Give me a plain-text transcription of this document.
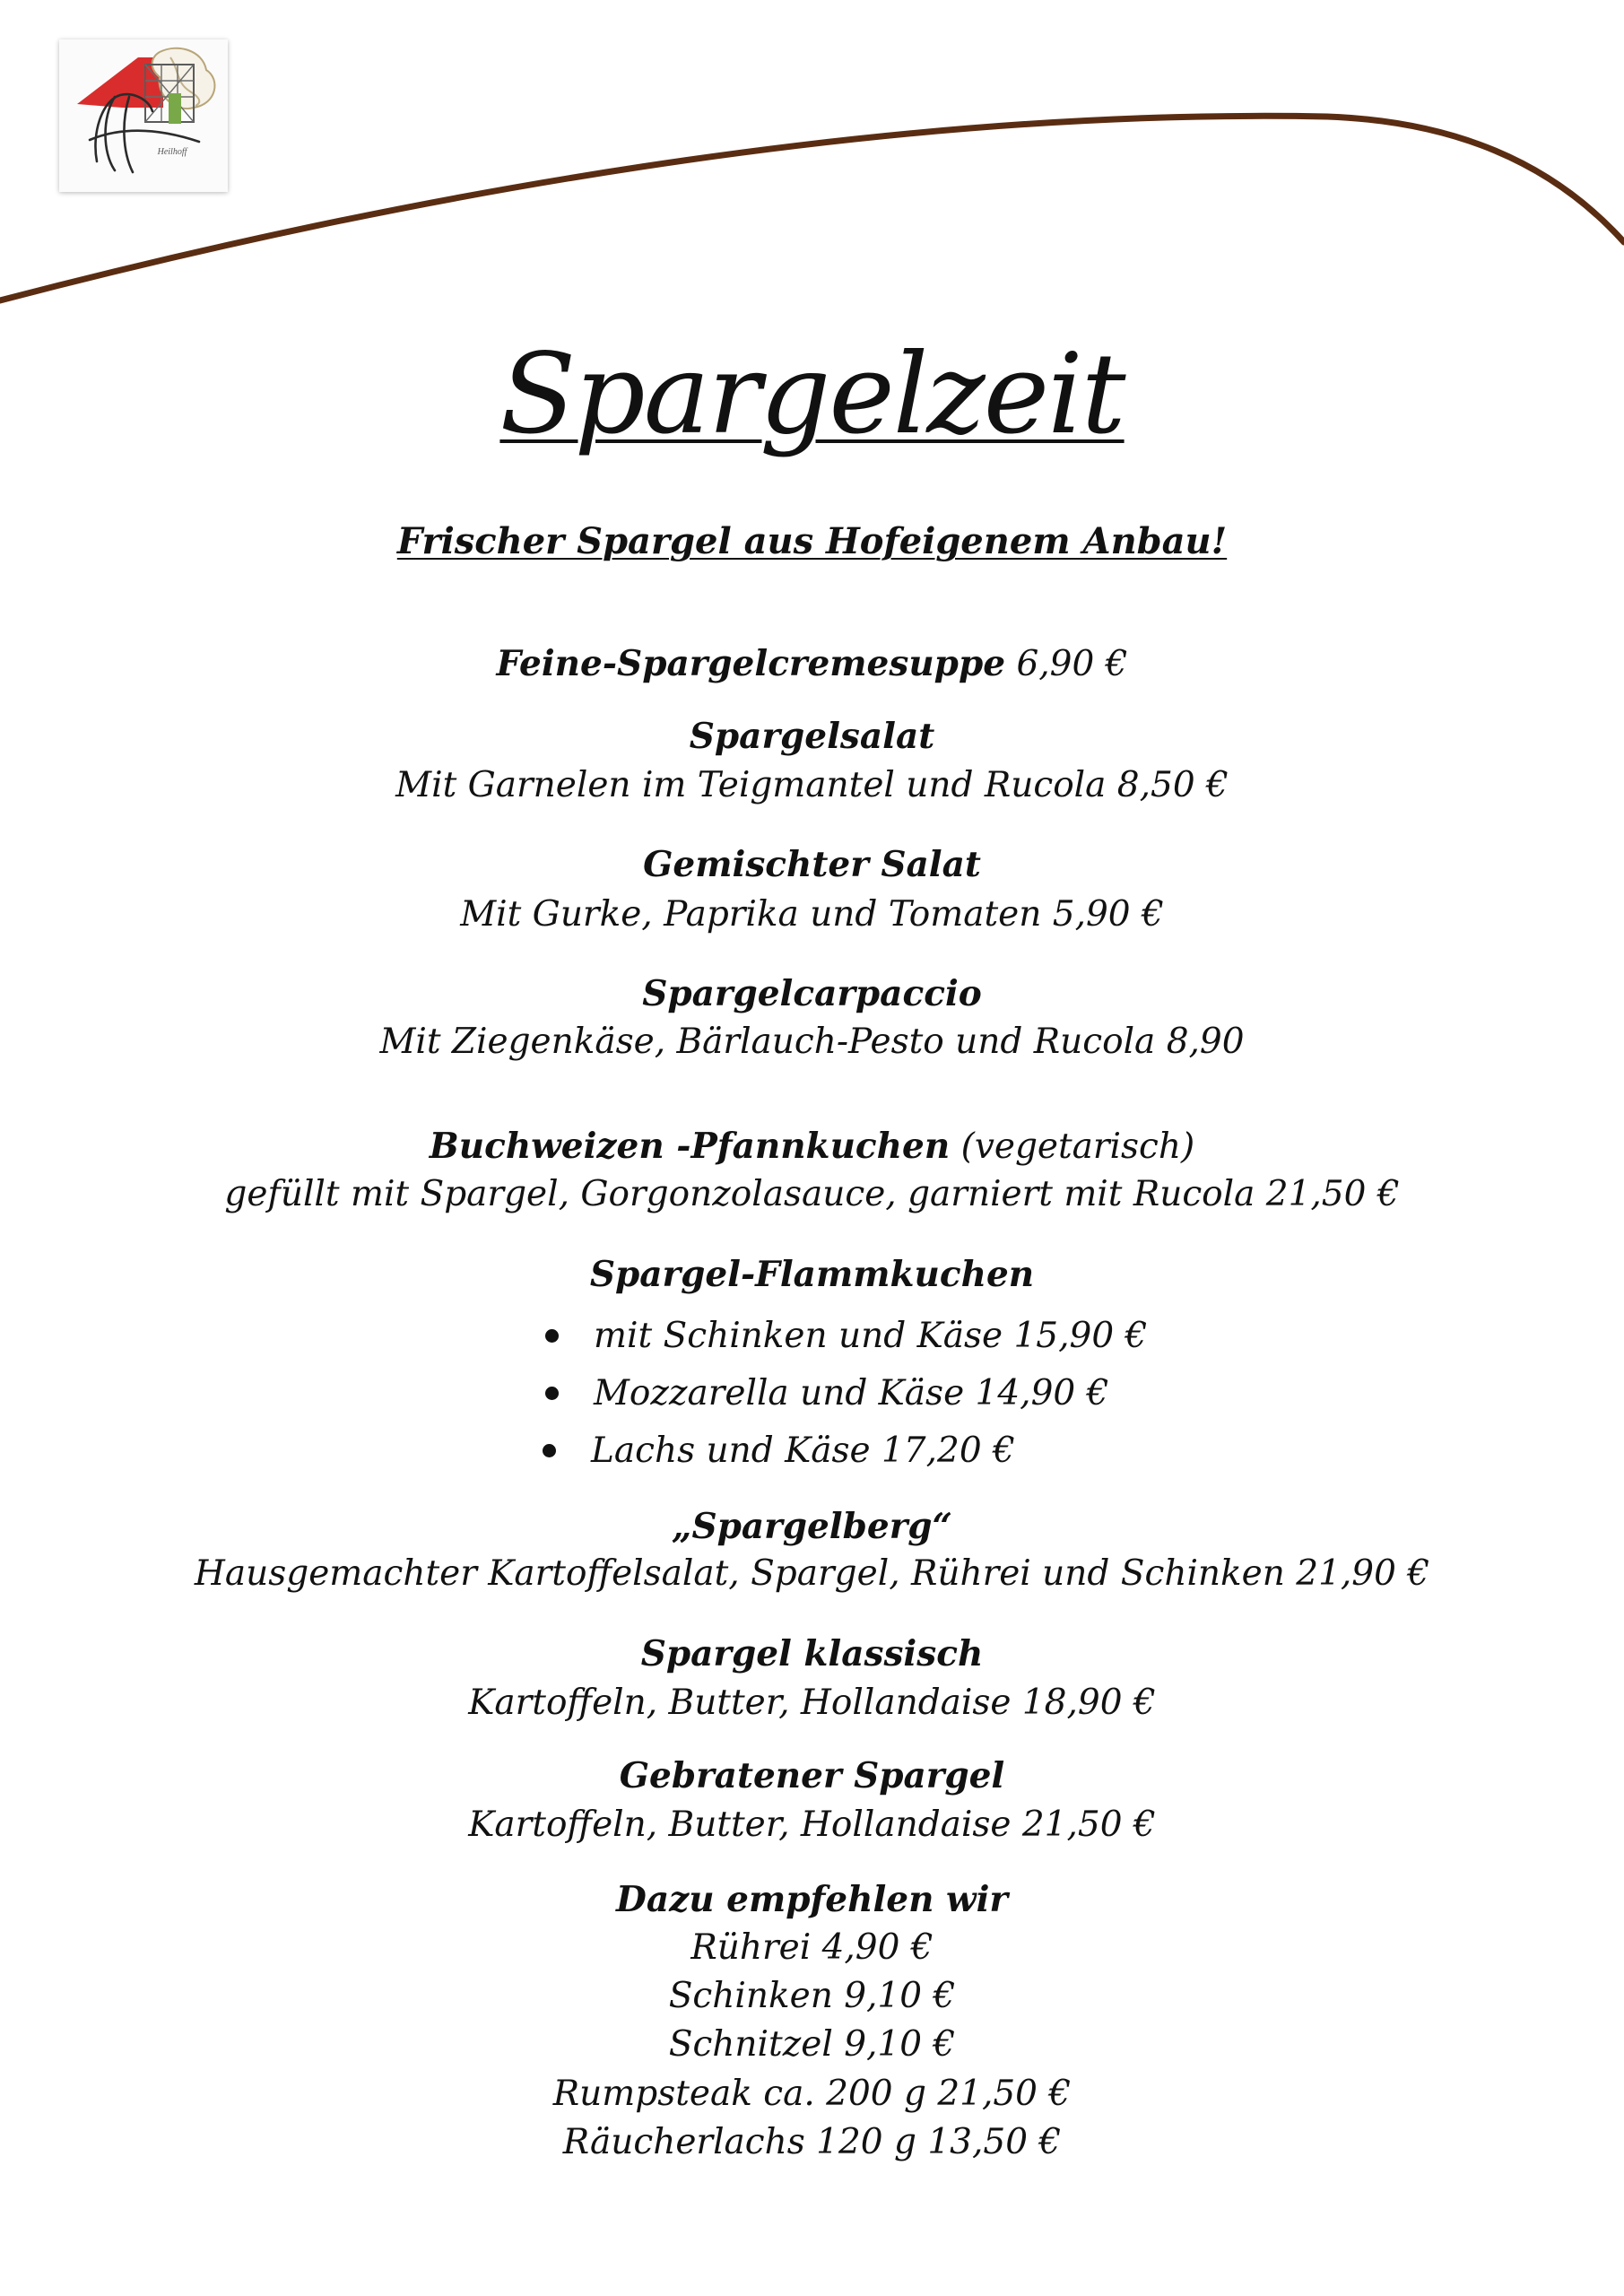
Heilhoff
Spargelzeit
Frischer Spargel aus Hofeigenem Anbau!
Feine-Spargelcremesuppe 6,90 €
Spargelsalat
Mit Garnelen im Teigmantel und Rucola 8,50 €
Gemischter Salat
Mit Gurke, Paprika und Tomaten 5,90 €
Spargelcarpaccio
Mit Ziegenkäse, Bärlauch-Pesto und Rucola 8,90
Buchweizen -Pfannkuchen (vegetarisch)
gefüllt mit Spargel, Gorgonzolasauce, garniert mit Rucola 21,50 €
Spargel-Flammkuchen
mit Schinken und Käse 15,90 €
Mozzarella und Käse 14,90 €
Lachs und Käse 17,20 €
„Spargelberg“
Hausgemachter Kartoffelsalat, Spargel, Rührei und Schinken 21,90 €
Spargel klassisch
Kartoffeln, Butter, Hollandaise 18,90 €
Gebratener Spargel
Kartoffeln, Butter, Hollandaise 21,50 €
Dazu empfehlen wir
Rührei 4,90 €
Schinken 9,10 €
Schnitzel 9,10 €
Rumpsteak ca. 200 g 21,50 €
Räucherlachs 120 g 13,50 €
